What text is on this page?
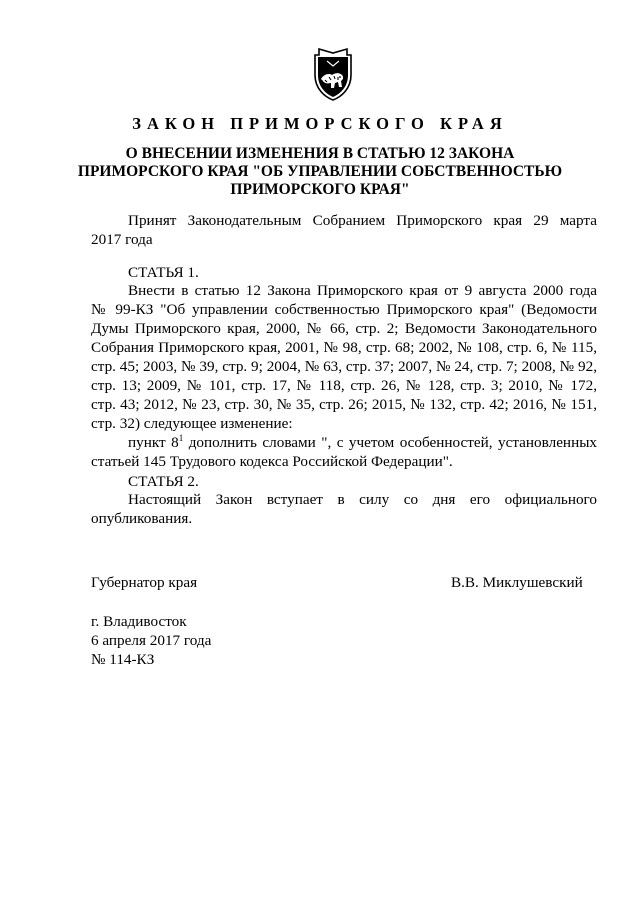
ЗАКОН ПРИМОРСКОГО КРАЯ
О ВНЕСЕНИИ ИЗМЕНЕНИЯ В СТАТЬЮ 12 ЗАКОНА
ПРИМОРСКОГО КРАЯ "ОБ УПРАВЛЕНИИ СОБСТВЕННОСТЬЮ
ПРИМОРСКОГО КРАЯ"
Принят Законодательным Собранием Приморского края 29 марта
2017 года
СТАТЬЯ 1.
Внести в статью 12 Закона Приморского края от 9 августа 2000 года
№ 99-КЗ "Об управлении собственностью Приморского края" (Ведомости
Думы Приморского края, 2000, № 66, стр. 2; Ведомости Законодательного
Собрания Приморского края, 2001, № 98, стр. 68; 2002, № 108, стр. 6, № 115,
стр. 45; 2003, № 39, стр. 9; 2004, № 63, стр. 37; 2007, № 24, стр. 7; 2008, № 92,
стр. 13; 2009, № 101, стр. 17, № 118, стр. 26, № 128, стр. 3; 2010, № 172,
стр. 43; 2012, № 23, стр. 30, № 35, стр. 26; 2015, № 132, стр. 42; 2016, № 151,
стр. 32) следующее изменение:
пункт $8^1$ дополнить словами ", с учетом особенностей, установленных
статьей 145 Трудового кодекса Российской Федерации".
СТАТЬЯ 2.
Настоящий Закон вступает в силу со дня его официального
опубликования.
Губернатор края	В.В. Миклушевский
г. Владивосток
6 апреля 2017 года
№ 114-КЗ
